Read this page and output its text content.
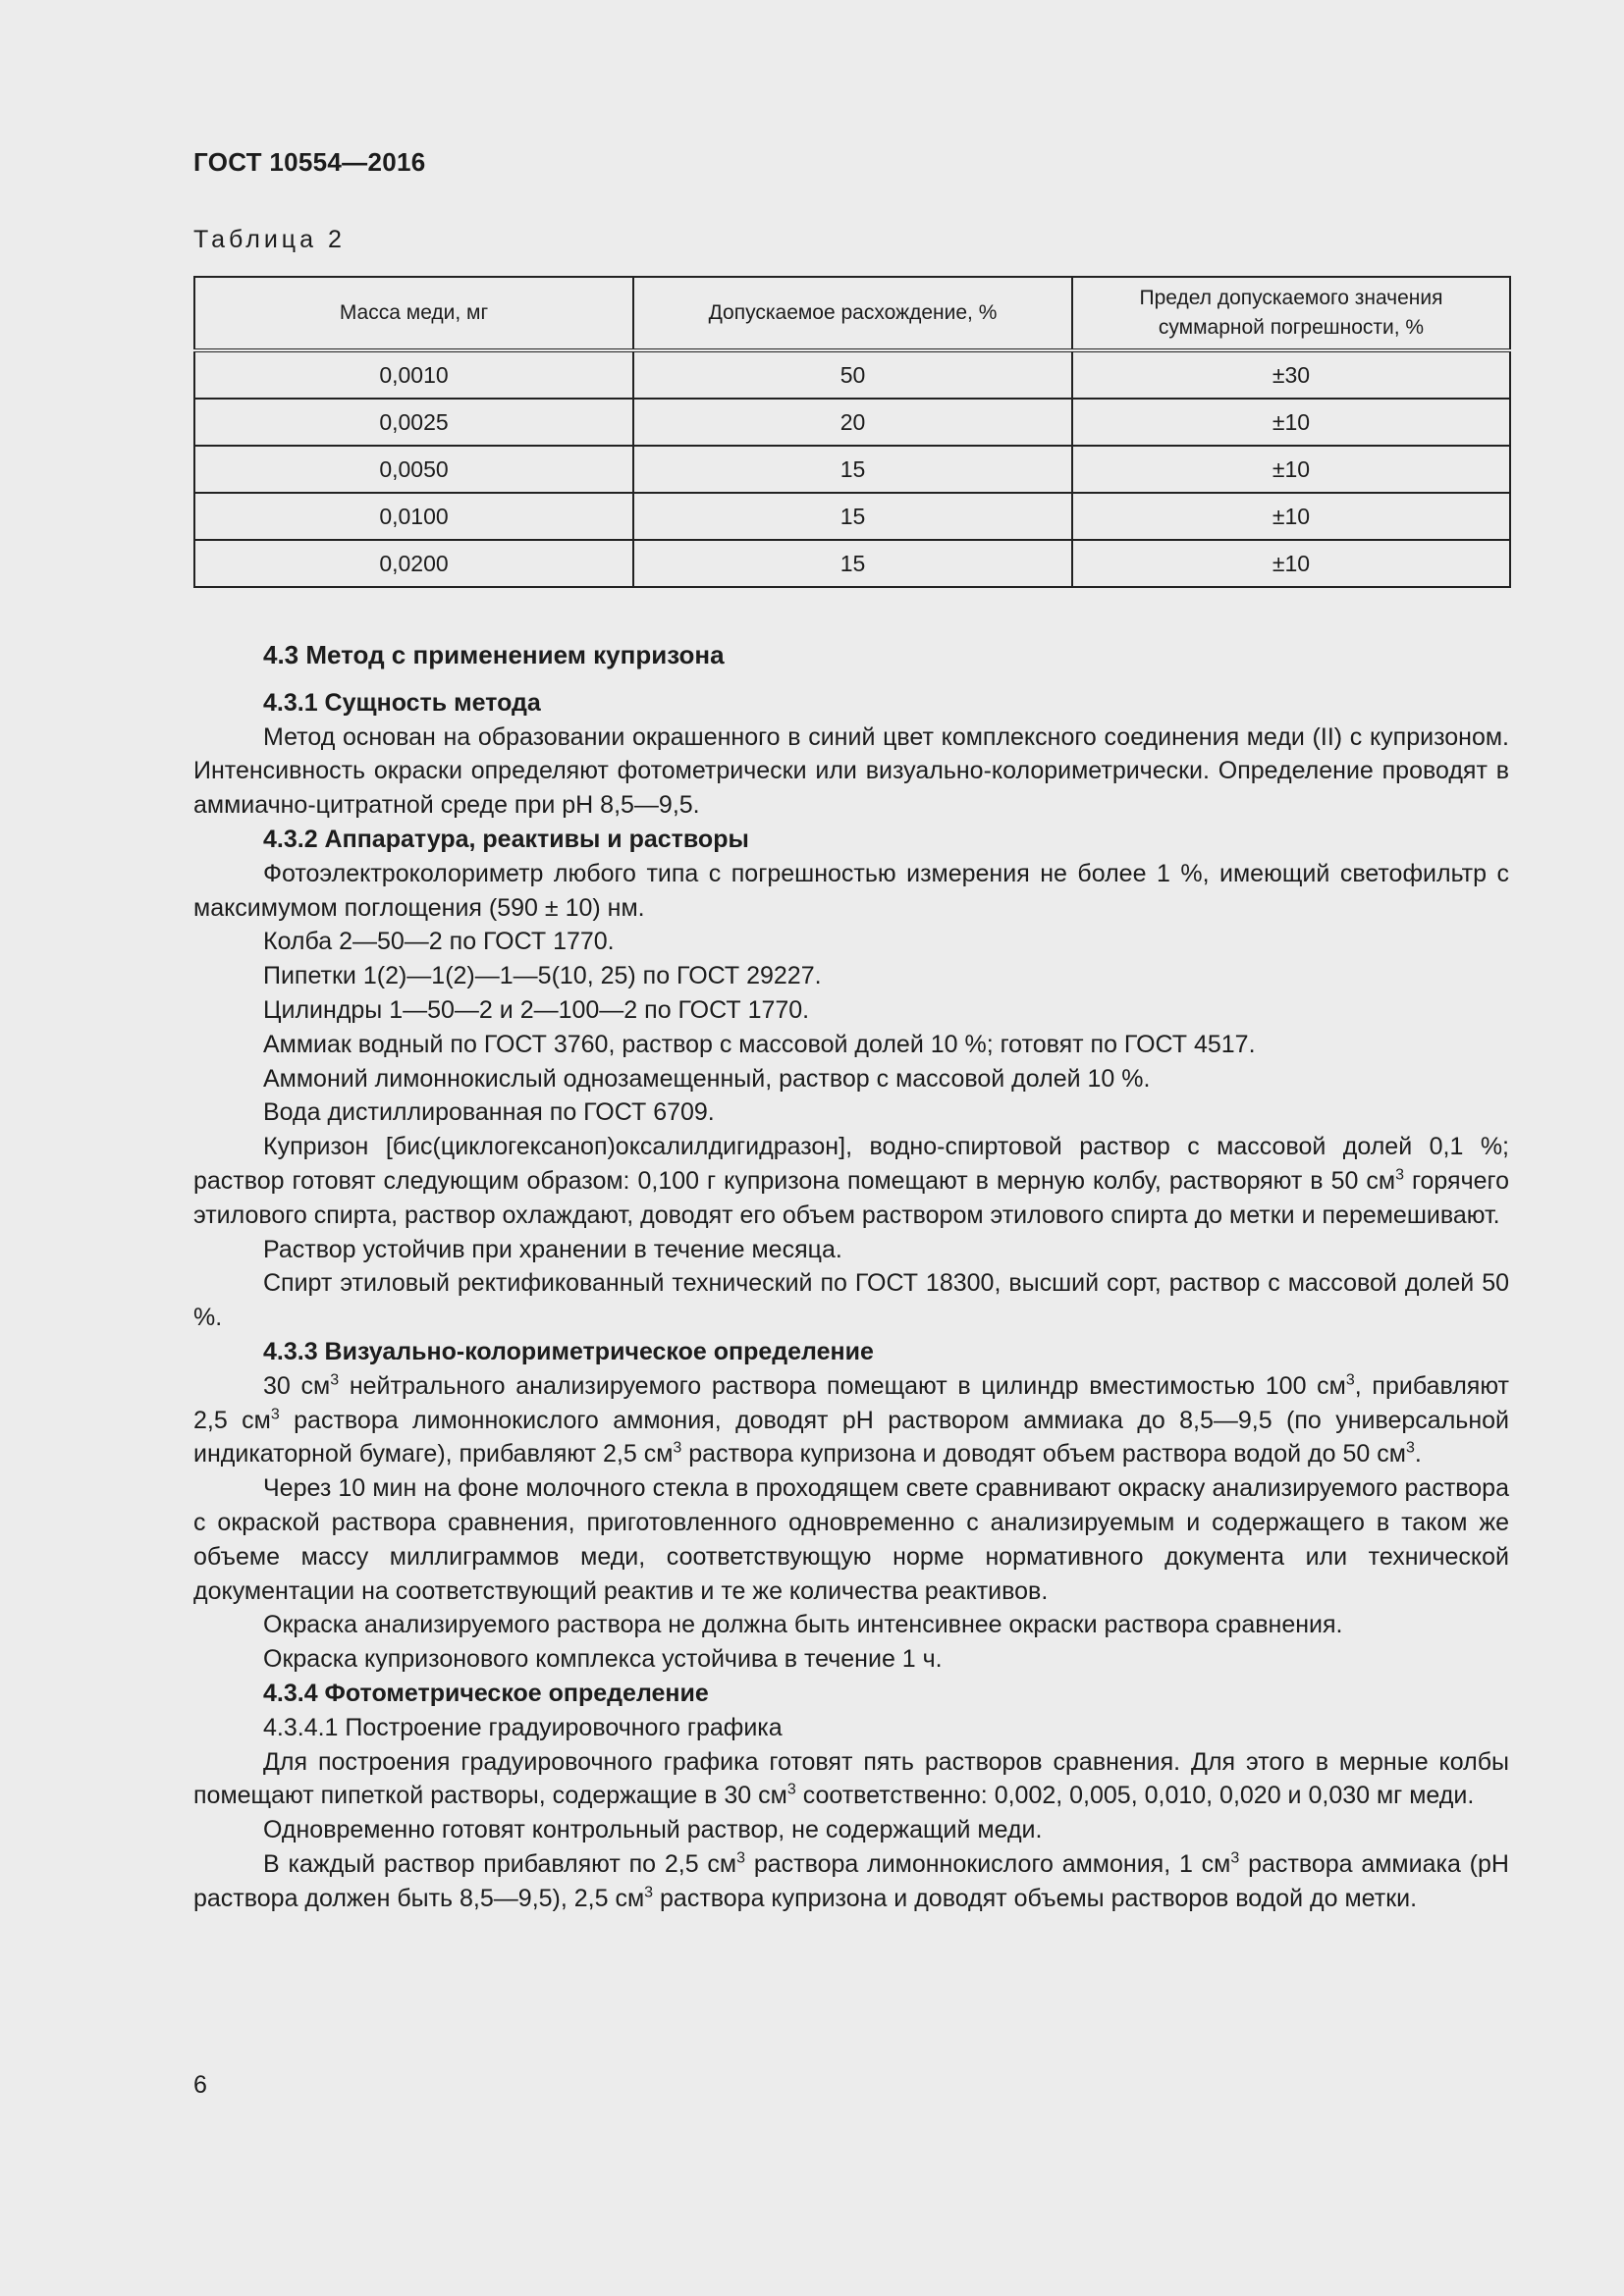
ГОСТ 10554—2016
Таблица 2
Масса меди, мг	Допускаемое расхождение, %	Предел допускаемого значения суммарной погрешности, %
0,0010	50	±30
0,0025	20	±10
0,0050	15	±10
0,0100	15	±10
0,0200	15	±10

4.3 Метод с применением купризона

4.3.1 Сущность метода

Метод основан на образовании окрашенного в синий цвет комплексного соединения меди (II) с купризоном. Интенсивность окраски определяют фотометрически или визуально-колориметрически. Определение проводят в аммиачно-цитратной среде при pH 8,5—9,5.

4.3.2 Аппаратура, реактивы и растворы

Фотоэлектроколориметр любого типа с погрешностью измерения не более 1 %, имеющий светофильтр с максимумом поглощения (590 ± 10) нм.

Колба 2—50—2 по ГОСТ 1770.

Пипетки 1(2)—1(2)—1—5(10, 25) по ГОСТ 29227.

Цилиндры 1—50—2 и 2—100—2 по ГОСТ 1770.

Аммиак водный по ГОСТ 3760, раствор с массовой долей 10 %; готовят по ГОСТ 4517.

Аммоний лимоннокислый однозамещенный, раствор с массовой долей 10 %.

Вода дистиллированная по ГОСТ 6709.

Купризон [бис(циклогексаноп)оксалилдигидразон], водно-спиртовой раствор с массовой долей 0,1 %; раствор готовят следующим образом: 0,100 г купризона помещают в мерную колбу, растворяют в 50 $см^3$ горячего этилового спирта, раствор охлаждают, доводят его объем раствором этилового спирта до метки и перемешивают.

Раствор устойчив при хранении в течение месяца.

Спирт этиловый ректификованный технический по ГОСТ 18300, высший сорт, раствор с массовой долей 50 %.

4.3.3 Визуально-колориметрическое определение

30 $см^3$ нейтрального анализируемого раствора помещают в цилиндр вместимостью 100 $см^3$, прибавляют 2,5 $см^3$ раствора лимоннокислого аммония, доводят pH раствором аммиака до 8,5—9,5 (по универсальной индикаторной бумаге), прибавляют 2,5 $см^3$ раствора купризона и доводят объем раствора водой до 50 $см^3$.

Через 10 мин на фоне молочного стекла в проходящем свете сравнивают окраску анализируемого раствора с окраской раствора сравнения, приготовленного одновременно с анализируемым и содержащего в таком же объеме массу миллиграммов меди, соответствующую норме нормативного документа или технической документации на соответствующий реактив и те же количества реактивов.

Окраска анализируемого раствора не должна быть интенсивнее окраски раствора сравнения.

Окраска купризонового комплекса устойчива в течение 1 ч.

4.3.4 Фотометрическое определение

4.3.4.1 Построение градуировочного графика

Для построения градуировочного графика готовят пять растворов сравнения. Для этого в мерные колбы помещают пипеткой растворы, содержащие в 30 $см^3$ соответственно: 0,002, 0,005, 0,010, 0,020 и 0,030 мг меди.

Одновременно готовят контрольный раствор, не содержащий меди.

В каждый раствор прибавляют по 2,5 $см^3$ раствора лимоннокислого аммония, 1 $см^3$ раствора аммиака (pH раствора должен быть 8,5—9,5), 2,5 $см^3$ раствора купризона и доводят объемы растворов водой до метки.

6
